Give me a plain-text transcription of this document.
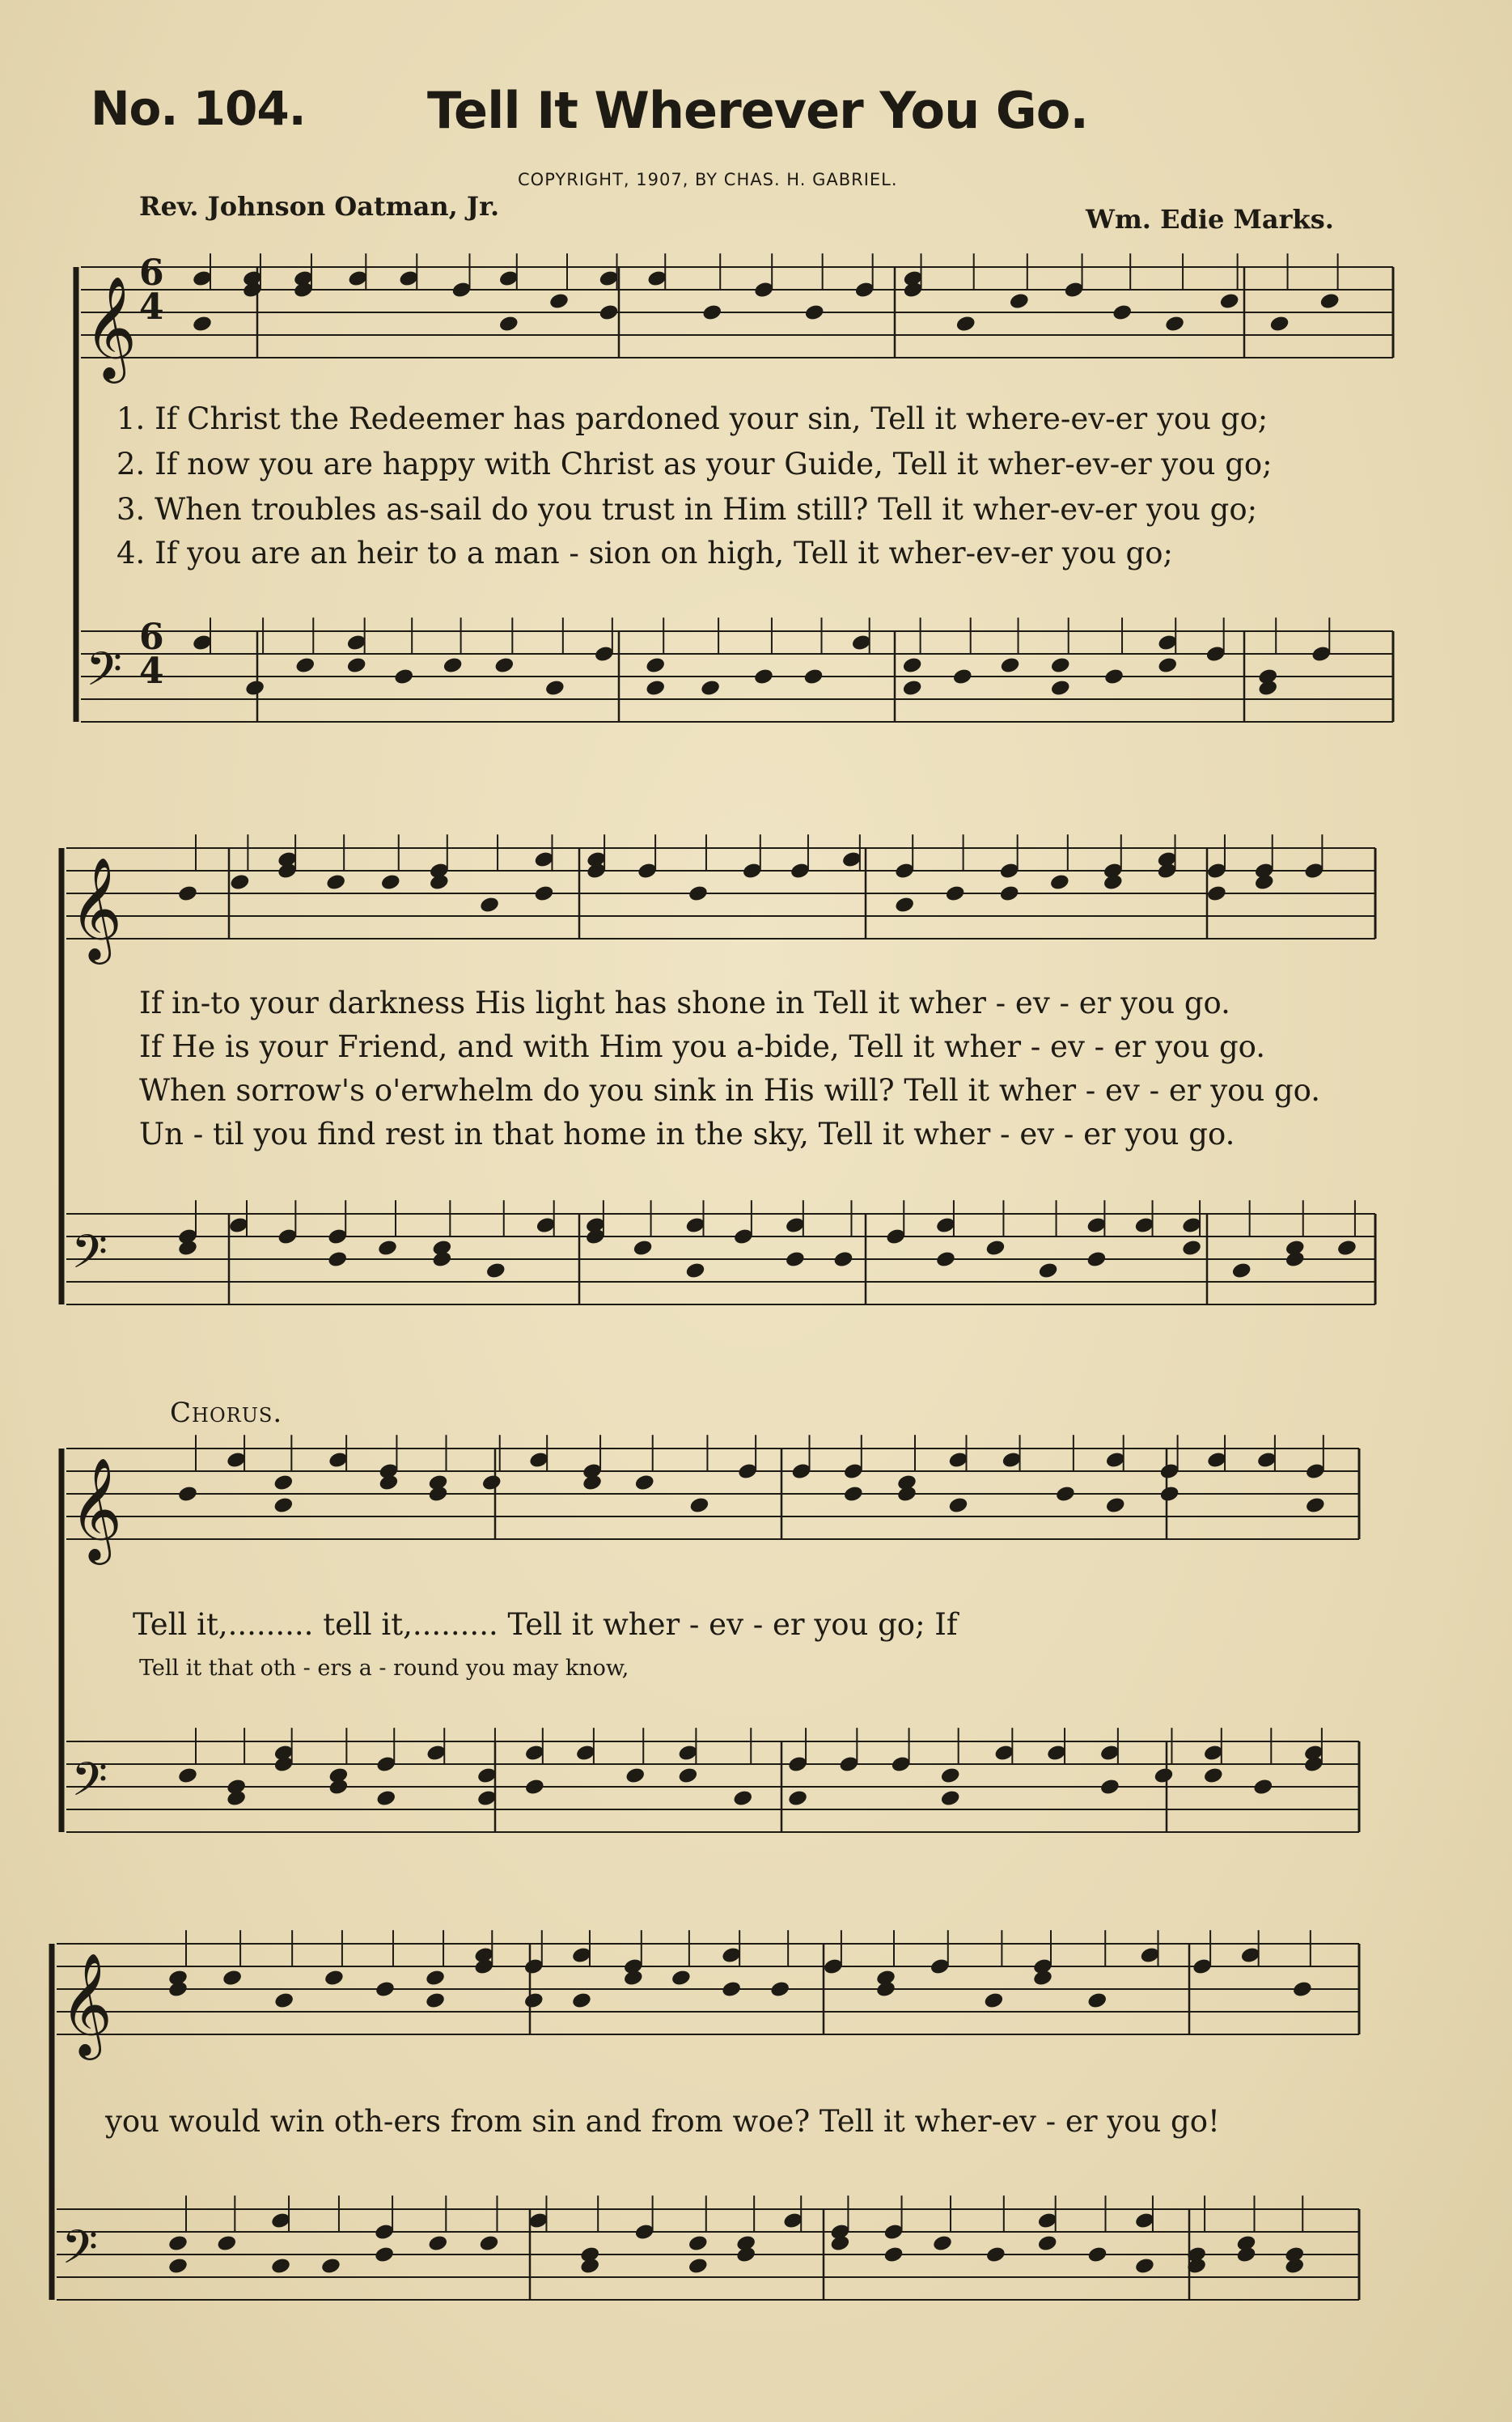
No. 104. Tell It Wherever You Go.
COPYRIGHT, 1907, BY CHAS. H. GABRIEL.
Rev. Johnson Oatman, Jr.	Wm. Edie Marks.
𝄞
𝄢
𝄞
𝄢
𝄞
𝄢
𝄞
𝄢
6
6
4
4
1. If Christ the Redeemer has pardoned your sin, Tell it where-ev-er you go;
2. If now you are happy with Christ as your Guide, Tell it wher-ev-er you go;
3. When troubles as-sail do you trust in Him still? Tell it wher-ev-er you go;
4. If you are an heir to a man - sion on high, Tell it wher-ev-er you go;
If in-to your darkness His light has shone in Tell it wher - ev - er you go.
If He is your Friend, and with Him you a-bide, Tell it wher - ev - er you go.
When sorrow's o'erwhelm do you sink in His will? Tell it wher - ev - er you go.
Un - til you find rest in that home in the sky, Tell it wher - ev - er you go.
Chorus.
Tell it,......... tell it,......... Tell it wher - ev - er you go; If
Tell it that oth - ers a - round you may know,
you would win oth-ers from sin and from woe? Tell it wher-ev - er you go!
